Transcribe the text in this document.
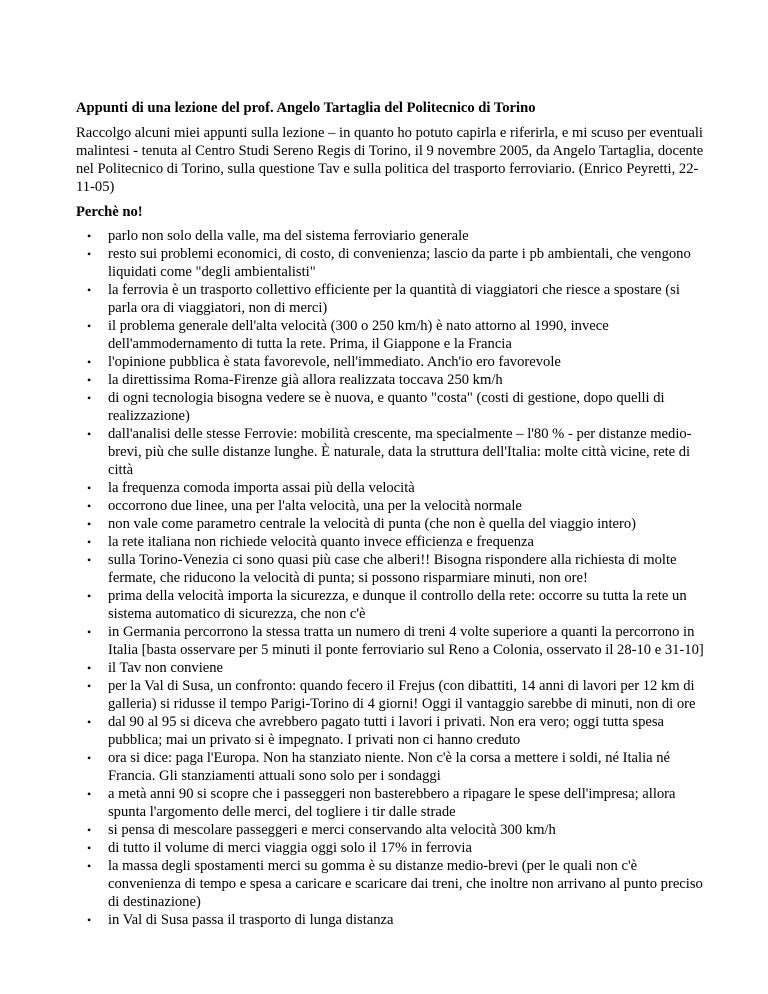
Appunti di una lezione del prof. Angelo Tartaglia del Politecnico di Torino
Raccolgo alcuni miei appunti sulla lezione – in quanto ho potuto capirla e riferirla, e mi scuso per eventuali malintesi - tenuta al Centro Studi Sereno Regis di Torino, il 9 novembre 2005, da Angelo Tartaglia, docente nel Politecnico di Torino, sulla questione Tav e sulla politica del trasporto ferroviario. (Enrico Peyretti, 22-11-05)
Perchè no!
• parlo non solo della valle, ma del sistema ferroviario generale
• resto sui problemi economici, di costo, di convenienza; lascio da parte i pb ambientali, che vengono liquidati come "degli ambientalisti"
• la ferrovia è un trasporto collettivo efficiente per la quantità di viaggiatori che riesce a spostare (si parla ora di viaggiatori, non di merci)
• il problema generale dell'alta velocità (300 o 250 km/h) è nato attorno al 1990, invece dell'ammodernamento di tutta la rete. Prima, il Giappone e la Francia
• l'opinione pubblica è stata favorevole, nell'immediato. Anch'io ero favorevole
• la direttissima Roma-Firenze già allora realizzata toccava 250 km/h
• di ogni tecnologia bisogna vedere se è nuova, e quanto "costa" (costi di gestione, dopo quelli di realizzazione)
• dall'analisi delle stesse Ferrovie: mobilità crescente, ma specialmente – l'80 % - per distanze medio-brevi, più che sulle distanze lunghe. È naturale, data la struttura dell'Italia: molte città vicine, rete di città
• la frequenza comoda importa assai più della velocità
• occorrono due linee, una per l'alta velocità, una per la velocità normale
• non vale come parametro centrale la velocità di punta (che non è quella del viaggio intero)
• la rete italiana non richiede velocità quanto invece efficienza e frequenza
• sulla Torino-Venezia ci sono quasi più case che alberi!! Bisogna rispondere alla richiesta di molte fermate, che riducono la velocità di punta; si possono risparmiare minuti, non ore!
• prima della velocità importa la sicurezza, e dunque il controllo della rete: occorre su tutta la rete un sistema automatico di sicurezza, che non c'è
• in Germania percorrono la stessa tratta un numero di treni 4 volte superiore a quanti la percorrono in Italia [basta osservare per 5 minuti il ponte ferroviario sul Reno a Colonia, osservato il 28-10 e 31-10]
• il Tav non conviene
• per la Val di Susa, un confronto: quando fecero il Frejus (con dibattiti, 14 anni di lavori per 12 km di galleria) si ridusse il tempo Parigi-Torino di 4 giorni! Oggi il vantaggio sarebbe di minuti, non di ore
• dal 90 al 95 si diceva che avrebbero pagato tutti i lavori i privati. Non era vero; oggi tutta spesa pubblica; mai un privato si è impegnato. I privati non ci hanno creduto
• ora si dice: paga l'Europa. Non ha stanziato niente. Non c'è la corsa a mettere i soldi, né Italia né Francia. Gli stanziamenti attuali sono solo per i sondaggi
• a metà anni 90 si scopre che i passeggeri non basterebbero a ripagare le spese dell'impresa; allora spunta l'argomento delle merci, del togliere i tir dalle strade
• si pensa di mescolare passeggeri e merci conservando alta velocità 300 km/h
• di tutto il volume di merci viaggia oggi solo il 17% in ferrovia
• la massa degli spostamenti merci su gomma è su distanze medio-brevi (per le quali non c'è convenienza di tempo e spesa a caricare e scaricare dai treni, che inoltre non arrivano al punto preciso di destinazione)
• in Val di Susa passa il trasporto di lunga distanza
